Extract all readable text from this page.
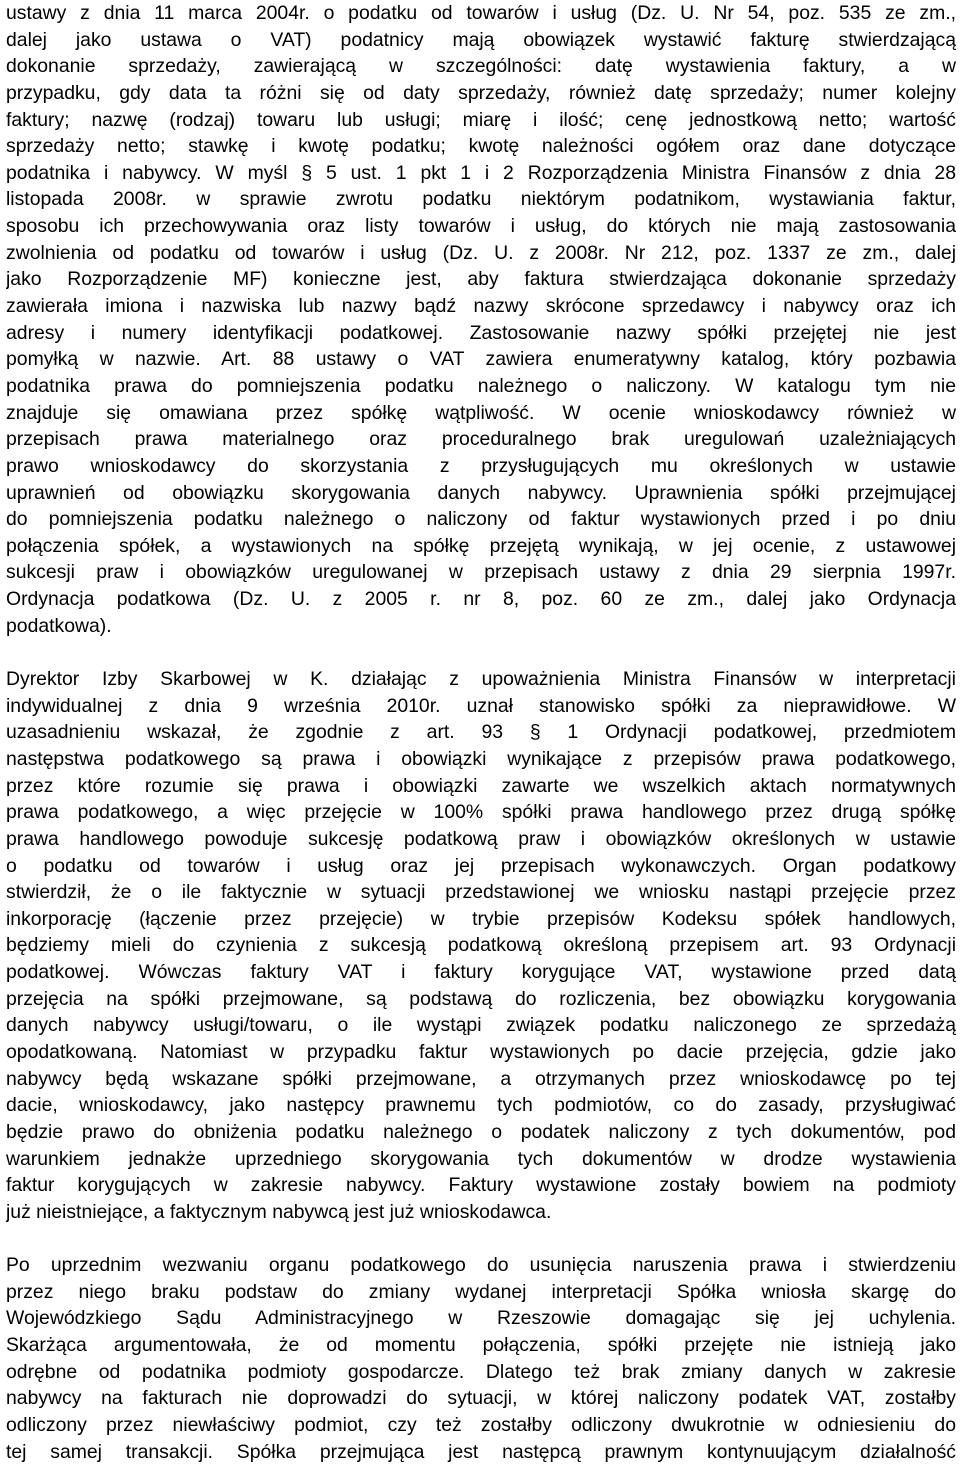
ustawy z dnia 11 marca 2004r. o podatku od towarów i usług (Dz. U. Nr 54, poz. 535 ze zm.,
dalej jako ustawa o VAT) podatnicy mają obowiązek wystawić fakturę stwierdzającą
dokonanie sprzedaży, zawierającą w szczególności: datę wystawienia faktury, a w
przypadku, gdy data ta różni się od daty sprzedaży, również datę sprzedaży; numer kolejny
faktury; nazwę (rodzaj) towaru lub usługi; miarę i ilość; cenę jednostkową netto; wartość
sprzedaży netto; stawkę i kwotę podatku; kwotę należności ogółem oraz dane dotyczące
podatnika i nabywcy. W myśl § 5 ust. 1 pkt 1 i 2 Rozporządzenia Ministra Finansów z dnia 28
listopada 2008r. w sprawie zwrotu podatku niektórym podatnikom, wystawiania faktur,
sposobu ich przechowywania oraz listy towarów i usług, do których nie mają zastosowania
zwolnienia od podatku od towarów i usług (Dz. U. z 2008r. Nr 212, poz. 1337 ze zm., dalej
jako Rozporządzenie MF) konieczne jest, aby faktura stwierdzająca dokonanie sprzedaży
zawierała imiona i nazwiska lub nazwy bądź nazwy skrócone sprzedawcy i nabywcy oraz ich
adresy i numery identyfikacji podatkowej. Zastosowanie nazwy spółki przejętej nie jest
pomyłką w nazwie. Art. 88 ustawy o VAT zawiera enumeratywny katalog, który pozbawia
podatnika prawa do pomniejszenia podatku należnego o naliczony. W katalogu tym nie
znajduje się omawiana przez spółkę wątpliwość. W ocenie wnioskodawcy również w
przepisach prawa materialnego oraz proceduralnego brak uregulowań uzależniających
prawo wnioskodawcy do skorzystania z przysługujących mu określonych w ustawie
uprawnień od obowiązku skorygowania danych nabywcy. Uprawnienia spółki przejmującej
do pomniejszenia podatku należnego o naliczony od faktur wystawionych przed i po dniu
połączenia spółek, a wystawionych na spółkę przejętą wynikają, w jej ocenie, z ustawowej
sukcesji praw i obowiązków uregulowanej w przepisach ustawy z dnia 29 sierpnia 1997r.
Ordynacja podatkowa (Dz. U. z 2005 r. nr 8, poz. 60 ze zm., dalej jako Ordynacja
podatkowa).
Dyrektor Izby Skarbowej w K. działając z upoważnienia Ministra Finansów w interpretacji
indywidualnej z dnia 9 września 2010r. uznał stanowisko spółki za nieprawidłowe. W
uzasadnieniu wskazał, że zgodnie z art. 93 § 1 Ordynacji podatkowej, przedmiotem
następstwa podatkowego są prawa i obowiązki wynikające z przepisów prawa podatkowego,
przez które rozumie się prawa i obowiązki zawarte we wszelkich aktach normatywnych
prawa podatkowego, a więc przejęcie w 100% spółki prawa handlowego przez drugą spółkę
prawa handlowego powoduje sukcesję podatkową praw i obowiązków określonych w ustawie
o podatku od towarów i usług oraz jej przepisach wykonawczych. Organ podatkowy
stwierdził, że o ile faktycznie w sytuacji przedstawionej we wniosku nastąpi przejęcie przez
inkorporację (łączenie przez przejęcie) w trybie przepisów Kodeksu spółek handlowych,
będziemy mieli do czynienia z sukcesją podatkową określoną przepisem art. 93 Ordynacji
podatkowej. Wówczas faktury VAT i faktury korygujące VAT, wystawione przed datą
przejęcia na spółki przejmowane, są podstawą do rozliczenia, bez obowiązku korygowania
danych nabywcy usługi/towaru, o ile wystąpi związek podatku naliczonego ze sprzedażą
opodatkowaną. Natomiast w przypadku faktur wystawionych po dacie przejęcia, gdzie jako
nabywcy będą wskazane spółki przejmowane, a otrzymanych przez wnioskodawcę po tej
dacie, wnioskodawcy, jako następcy prawnemu tych podmiotów, co do zasady, przysługiwać
będzie prawo do obniżenia podatku należnego o podatek naliczony z tych dokumentów, pod
warunkiem jednakże uprzedniego skorygowania tych dokumentów w drodze wystawienia
faktur korygujących w zakresie nabywcy. Faktury wystawione zostały bowiem na podmioty
już nieistniejące, a faktycznym nabywcą jest już wnioskodawca.
Po uprzednim wezwaniu organu podatkowego do usunięcia naruszenia prawa i stwierdzeniu
przez niego braku podstaw do zmiany wydanej interpretacji Spółka wniosła skargę do
Wojewódzkiego Sądu Administracyjnego w Rzeszowie domagając się jej uchylenia.
Skarżąca argumentowała, że od momentu połączenia, spółki przejęte nie istnieją jako
odrębne od podatnika podmioty gospodarcze. Dlatego też brak zmiany danych w zakresie
nabywcy na fakturach nie doprowadzi do sytuacji, w której naliczony podatek VAT, zostałby
odliczony przez niewłaściwy podmiot, czy też zostałby odliczony dwukrotnie w odniesieniu do
tej samej transakcji. Spółka przejmująca jest następcą prawnym kontynuującym działalność
